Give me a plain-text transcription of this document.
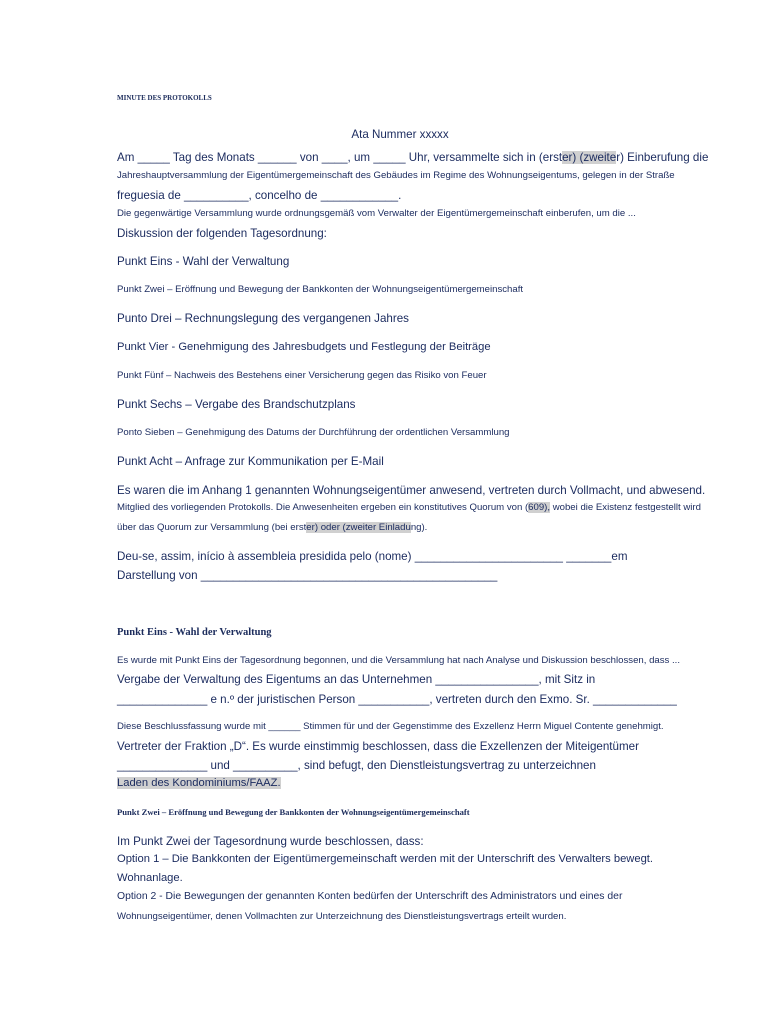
MINUTE DES PROTOKOLLS
Ata Nummer xxxxx
Am _____ Tag des Monats ______ von ____, um _____ Uhr, versammelte sich in (erster) (zweiter) Einberufung die
Jahreshauptversammlung der Eigentümergemeinschaft des Gebäudes im Regime des Wohnungseigentums, gelegen in der Straße
freguesia de __________, concelho de ____________.
Die gegenwärtige Versammlung wurde ordnungsgemäß vom Verwalter der Eigentümergemeinschaft einberufen, um die ...
Diskussion der folgenden Tagesordnung:
Punkt Eins - Wahl der Verwaltung
Punkt Zwei – Eröffnung und Bewegung der Bankkonten der Wohnungseigentümergemeinschaft
Punto Drei – Rechnungslegung des vergangenen Jahres
Punkt Vier - Genehmigung des Jahresbudgets und Festlegung der Beiträge
Punkt Fünf – Nachweis des Bestehens einer Versicherung gegen das Risiko von Feuer
Punkt Sechs – Vergabe des Brandschutzplans
Ponto Sieben – Genehmigung des Datums der Durchführung der ordentlichen Versammlung
Punkt Acht – Anfrage zur Kommunikation per E-Mail
Es waren die im Anhang 1 genannten Wohnungseigentümer anwesend, vertreten durch Vollmacht, und abwesend.
Mitglied des vorliegenden Protokolls. Die Anwesenheiten ergeben ein konstitutives Quorum von (609), wobei die Existenz festgestellt wird
über das Quorum zur Versammlung (bei erster) oder (zweiter Einladung).
Deu-se, assim, início à assembleia presidida pelo (nome) _______________________ _______em
Darstellung von ______________________________________________
Punkt Eins - Wahl der Verwaltung
Es wurde mit Punkt Eins der Tagesordnung begonnen, und die Versammlung hat nach Analyse und Diskussion beschlossen, dass ...
Vergabe der Verwaltung des Eigentums an das Unternehmen ________________, mit Sitz in
______________ e n.º der juristischen Person ___________, vertreten durch den Exmo. Sr. _____________
Diese Beschlussfassung wurde mit ______ Stimmen für und der Gegenstimme des Exzellenz Herrn Miguel Contente genehmigt.
Vertreter der Fraktion „D“. Es wurde einstimmig beschlossen, dass die Exzellenzen der Miteigentümer
______________ und __________, sind befugt, den Dienstleistungsvertrag zu unterzeichnen
Laden des Kondominiums/FAAZ.
Punkt Zwei – Eröffnung und Bewegung der Bankkonten der Wohnungseigentümergemeinschaft
Im Punkt Zwei der Tagesordnung wurde beschlossen, dass:
Option 1 – Die Bankkonten der Eigentümergemeinschaft werden mit der Unterschrift des Verwalters bewegt.
Wohnanlage.
Option 2 - Die Bewegungen der genannten Konten bedürfen der Unterschrift des Administrators und eines der
Wohnungseigentümer, denen Vollmachten zur Unterzeichnung des Dienstleistungsvertrags erteilt wurden.
